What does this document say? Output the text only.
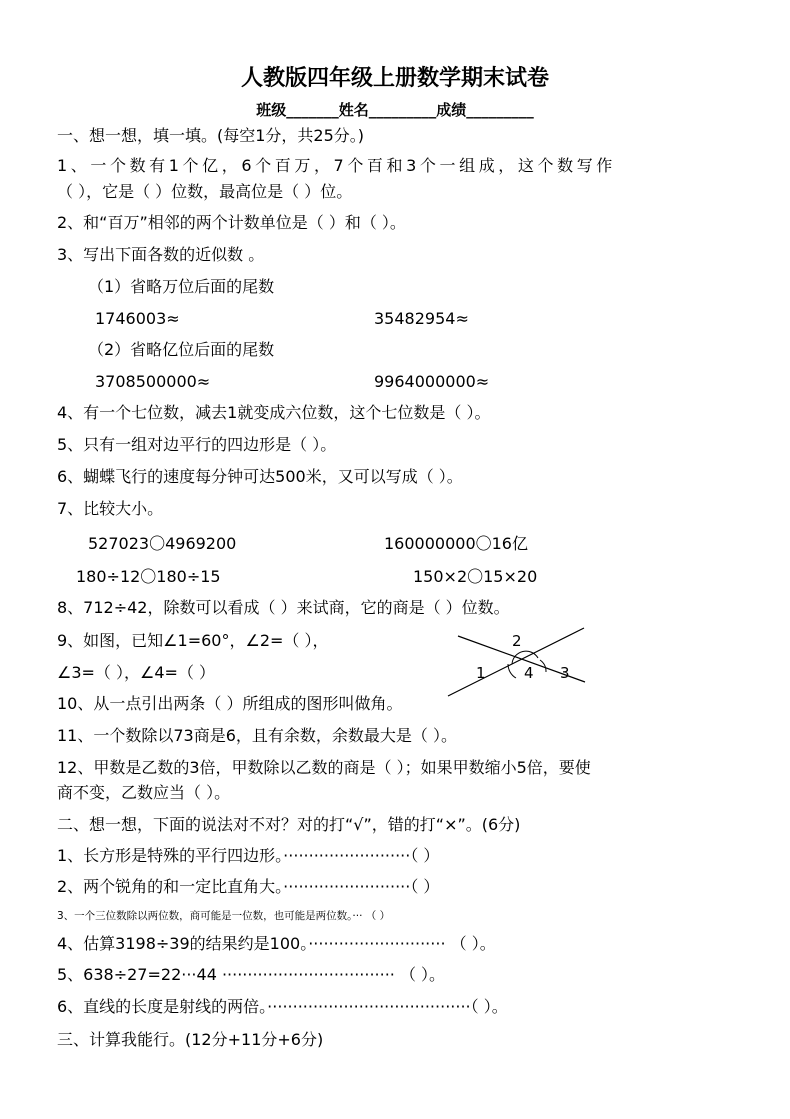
人教版四年级上册数学期末试卷
班级_______姓名_________成绩_________
一、想一想，填一填。(每空1分，共25分。)
1、一个数有1个亿，6个百万，7个百和3个一组成，这个数写作
（ ），它是（ ）位数，最高位是（ ）位。
2、和“百万”相邻的两个计数单位是（ ）和（ ）。
3、写出下面各数的近似数 。
（1）省略万位后面的尾数
1746003≈	35482954≈
（2）省略亿位后面的尾数
3708500000≈	9964000000≈
4、有一个七位数，减去1就变成六位数，这个七位数是（ ）。
5、只有一组对边平行的四边形是（ ）。
6、蝴蝶飞行的速度每分钟可达500米，又可以写成（ ）。
7、比较大小。
527023〇4969200	160000000〇16亿
180÷12〇180÷15	150×2〇15×20
8、712÷42，除数可以看成（ ）来试商，它的商是（ ）位数。
9、如图，已知∠1=60°，∠2=（ ），
∠3=（ ），∠4=（ ）	1
2
3
4
10、从一点引出两条（ ）所组成的图形叫做角。
11、一个数除以73商是6，且有余数，余数最大是（ ）。
12、甲数是乙数的3倍，甲数除以乙数的商是（ ）；如果甲数缩小5倍，要使
商不变，乙数应当（ ）。
二、想一想，下面的说法对不对？对的打“√”，错的打“×”。(6分)
1、长方形是特殊的平行四边形。·························（ ）
2、两个锐角的和一定比直角大。·························（ ）
3、一个三位数除以两位数，商可能是一位数，也可能是两位数。··· （ ）
4、估算3198÷39的结果约是100。··························· （ ）。
5、638÷27=22···44 ·································· （ ）。
6、直线的长度是射线的两倍。········································（ ）。
三、计算我能行。(12分+11分+6分)
